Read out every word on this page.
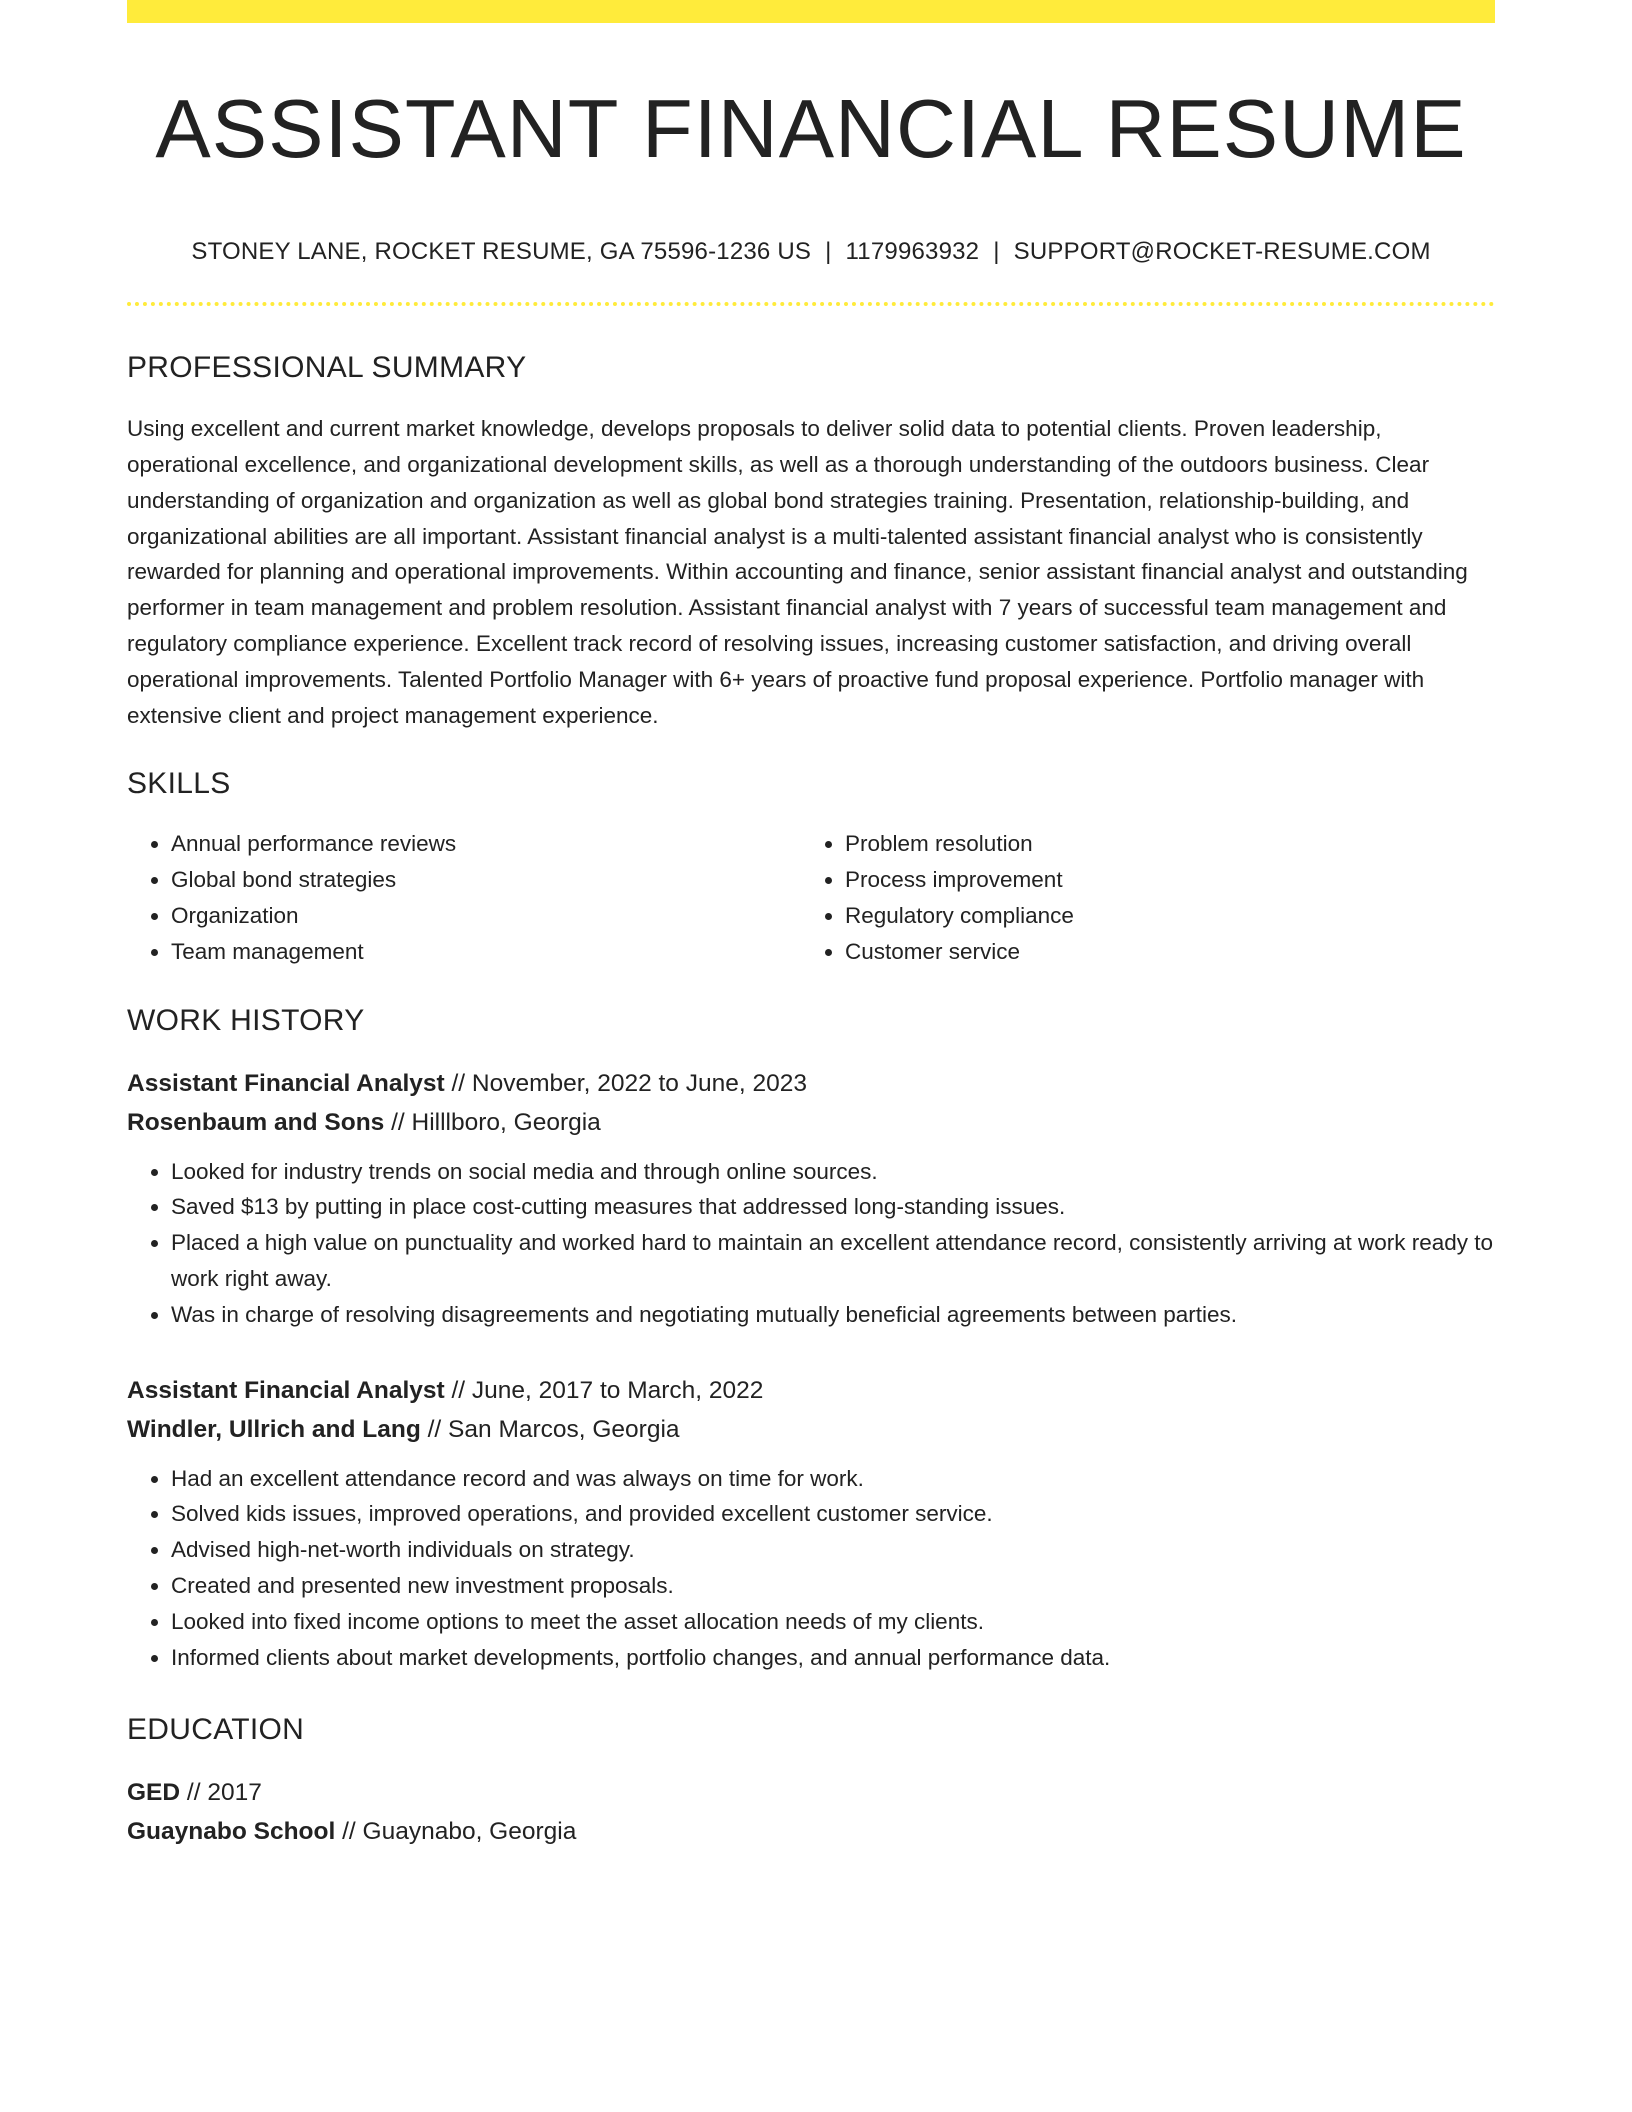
ASSISTANT FINANCIAL RESUME
STONEY LANE, ROCKET RESUME, GA 75596-1236 US | 1179963932 | SUPPORT@ROCKET-RESUME.COM
PROFESSIONAL SUMMARY
Using excellent and current market knowledge, develops proposals to deliver solid data to potential clients. Proven leadership, operational excellence, and organizational development skills, as well as a thorough understanding of the outdoors business. Clear understanding of organization and organization as well as global bond strategies training. Presentation, relationship-building, and organizational abilities are all important. Assistant financial analyst is a multi-talented assistant financial analyst who is consistently rewarded for planning and operational improvements. Within accounting and finance, senior assistant financial analyst and outstanding performer in team management and problem resolution. Assistant financial analyst with 7 years of successful team management and regulatory compliance experience. Excellent track record of resolving issues, increasing customer satisfaction, and driving overall operational improvements. Talented Portfolio Manager with 6+ years of proactive fund proposal experience. Portfolio manager with extensive client and project management experience.
SKILLS
• Annual performance reviews
• Global bond strategies
• Organization
• Team management
• Problem resolution
• Process improvement
• Regulatory compliance
• Customer service
WORK HISTORY
Assistant Financial Analyst // November, 2022 to June, 2023
Rosenbaum and Sons // Hilllboro, Georgia
• Looked for industry trends on social media and through online sources.
• Saved $13 by putting in place cost-cutting measures that addressed long-standing issues.
• Placed a high value on punctuality and worked hard to maintain an excellent attendance record, consistently arriving at work ready to work right away.
• Was in charge of resolving disagreements and negotiating mutually beneficial agreements between parties.
Assistant Financial Analyst // June, 2017 to March, 2022
Windler, Ullrich and Lang // San Marcos, Georgia
• Had an excellent attendance record and was always on time for work.
• Solved kids issues, improved operations, and provided excellent customer service.
• Advised high-net-worth individuals on strategy.
• Created and presented new investment proposals.
• Looked into fixed income options to meet the asset allocation needs of my clients.
• Informed clients about market developments, portfolio changes, and annual performance data.
EDUCATION
GED // 2017
Guaynabo School // Guaynabo, Georgia
